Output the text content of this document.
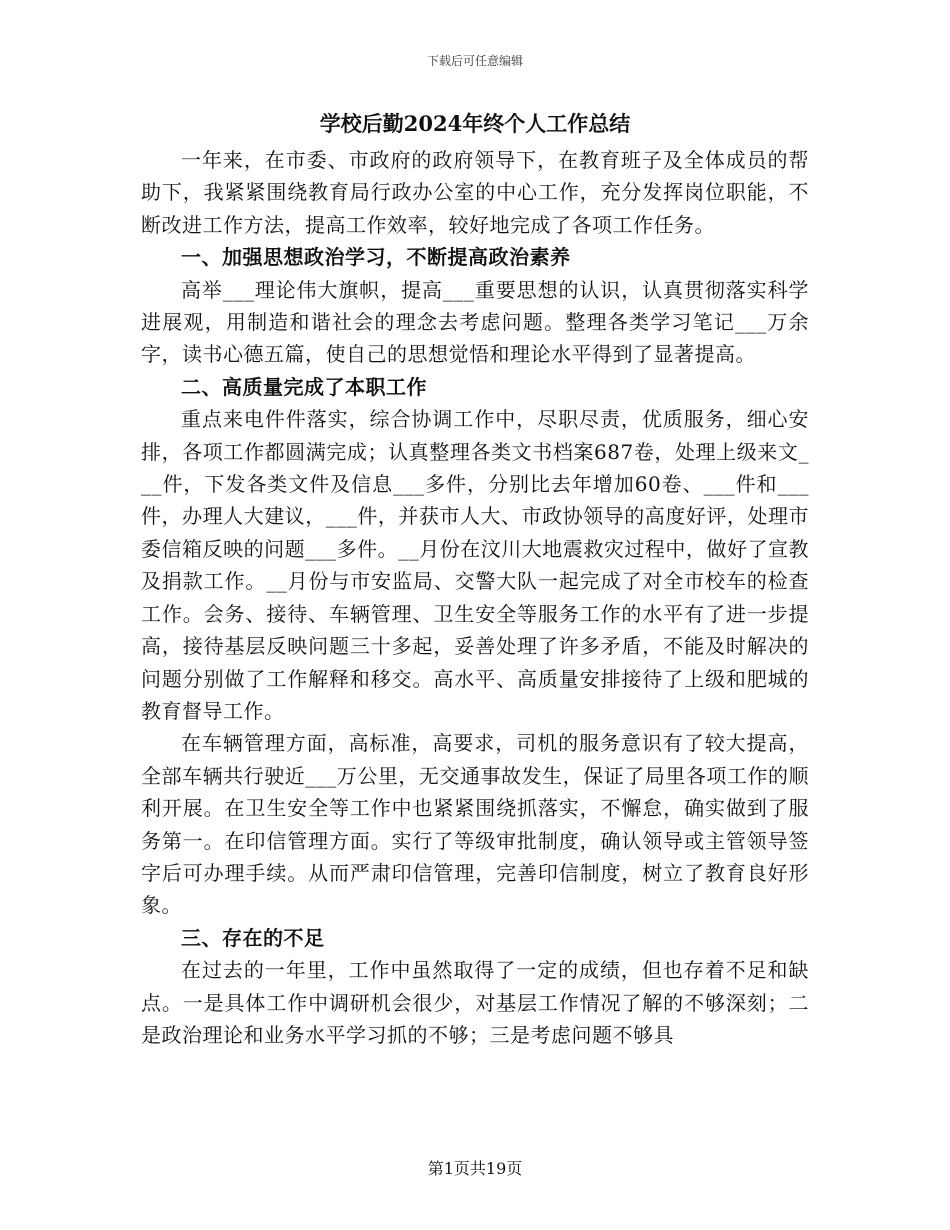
下载后可任意编辑
学校后勤2024年终个人工作总结

一年来，在市委、市政府的政府领导下，在教育班子及全体成员的帮助下，我紧紧围绕教育局行政办公室的中心工作，充分发挥岗位职能，不断改进工作方法，提高工作效率，较好地完成了各项工作任务。

一、加强思想政治学习，不断提高政治素养

高举___理论伟大旗帜，提高___重要思想的认识，认真贯彻落实科学进展观，用制造和谐社会的理念去考虑问题。整理各类学习笔记___万余字，读书心德五篇，使自己的思想觉悟和理论水平得到了显著提高。

二、高质量完成了本职工作

重点来电件件落实，综合协调工作中，尽职尽责，优质服务，细心安排，各项工作都圆满完成；认真整理各类文书档案687卷，处理上级来文___件，下发各类文件及信息___多件，分别比去年增加60卷、___件和___件，办理人大建议，___件，并获市人大、市政协领导的高度好评，处理市委信箱反映的问题___多件。__月份在汶川大地震救灾过程中，做好了宣教及捐款工作。__月份与市安监局、交警大队一起完成了对全市校车的检查工作。会务、接待、车辆管理、卫生安全等服务工作的水平有了进一步提高，接待基层反映问题三十多起，妥善处理了许多矛盾，不能及时解决的问题分别做了工作解释和移交。高水平、高质量安排接待了上级和肥城的教育督导工作。

在车辆管理方面，高标准，高要求，司机的服务意识有了较大提高，全部车辆共行驶近___万公里，无交通事故发生，保证了局里各项工作的顺利开展。在卫生安全等工作中也紧紧围绕抓落实，不懈怠，确实做到了服务第一。在印信管理方面。实行了等级审批制度，确认领导或主管领导签字后可办理手续。从而严肃印信管理，完善印信制度，树立了教育良好形象。

三、存在的不足

在过去的一年里，工作中虽然取得了一定的成绩，但也存着不足和缺点。一是具体工作中调研机会很少，对基层工作情况了解的不够深刻；二是政治理论和业务水平学习抓的不够；三是考虑问题不够具

第1页共19页
